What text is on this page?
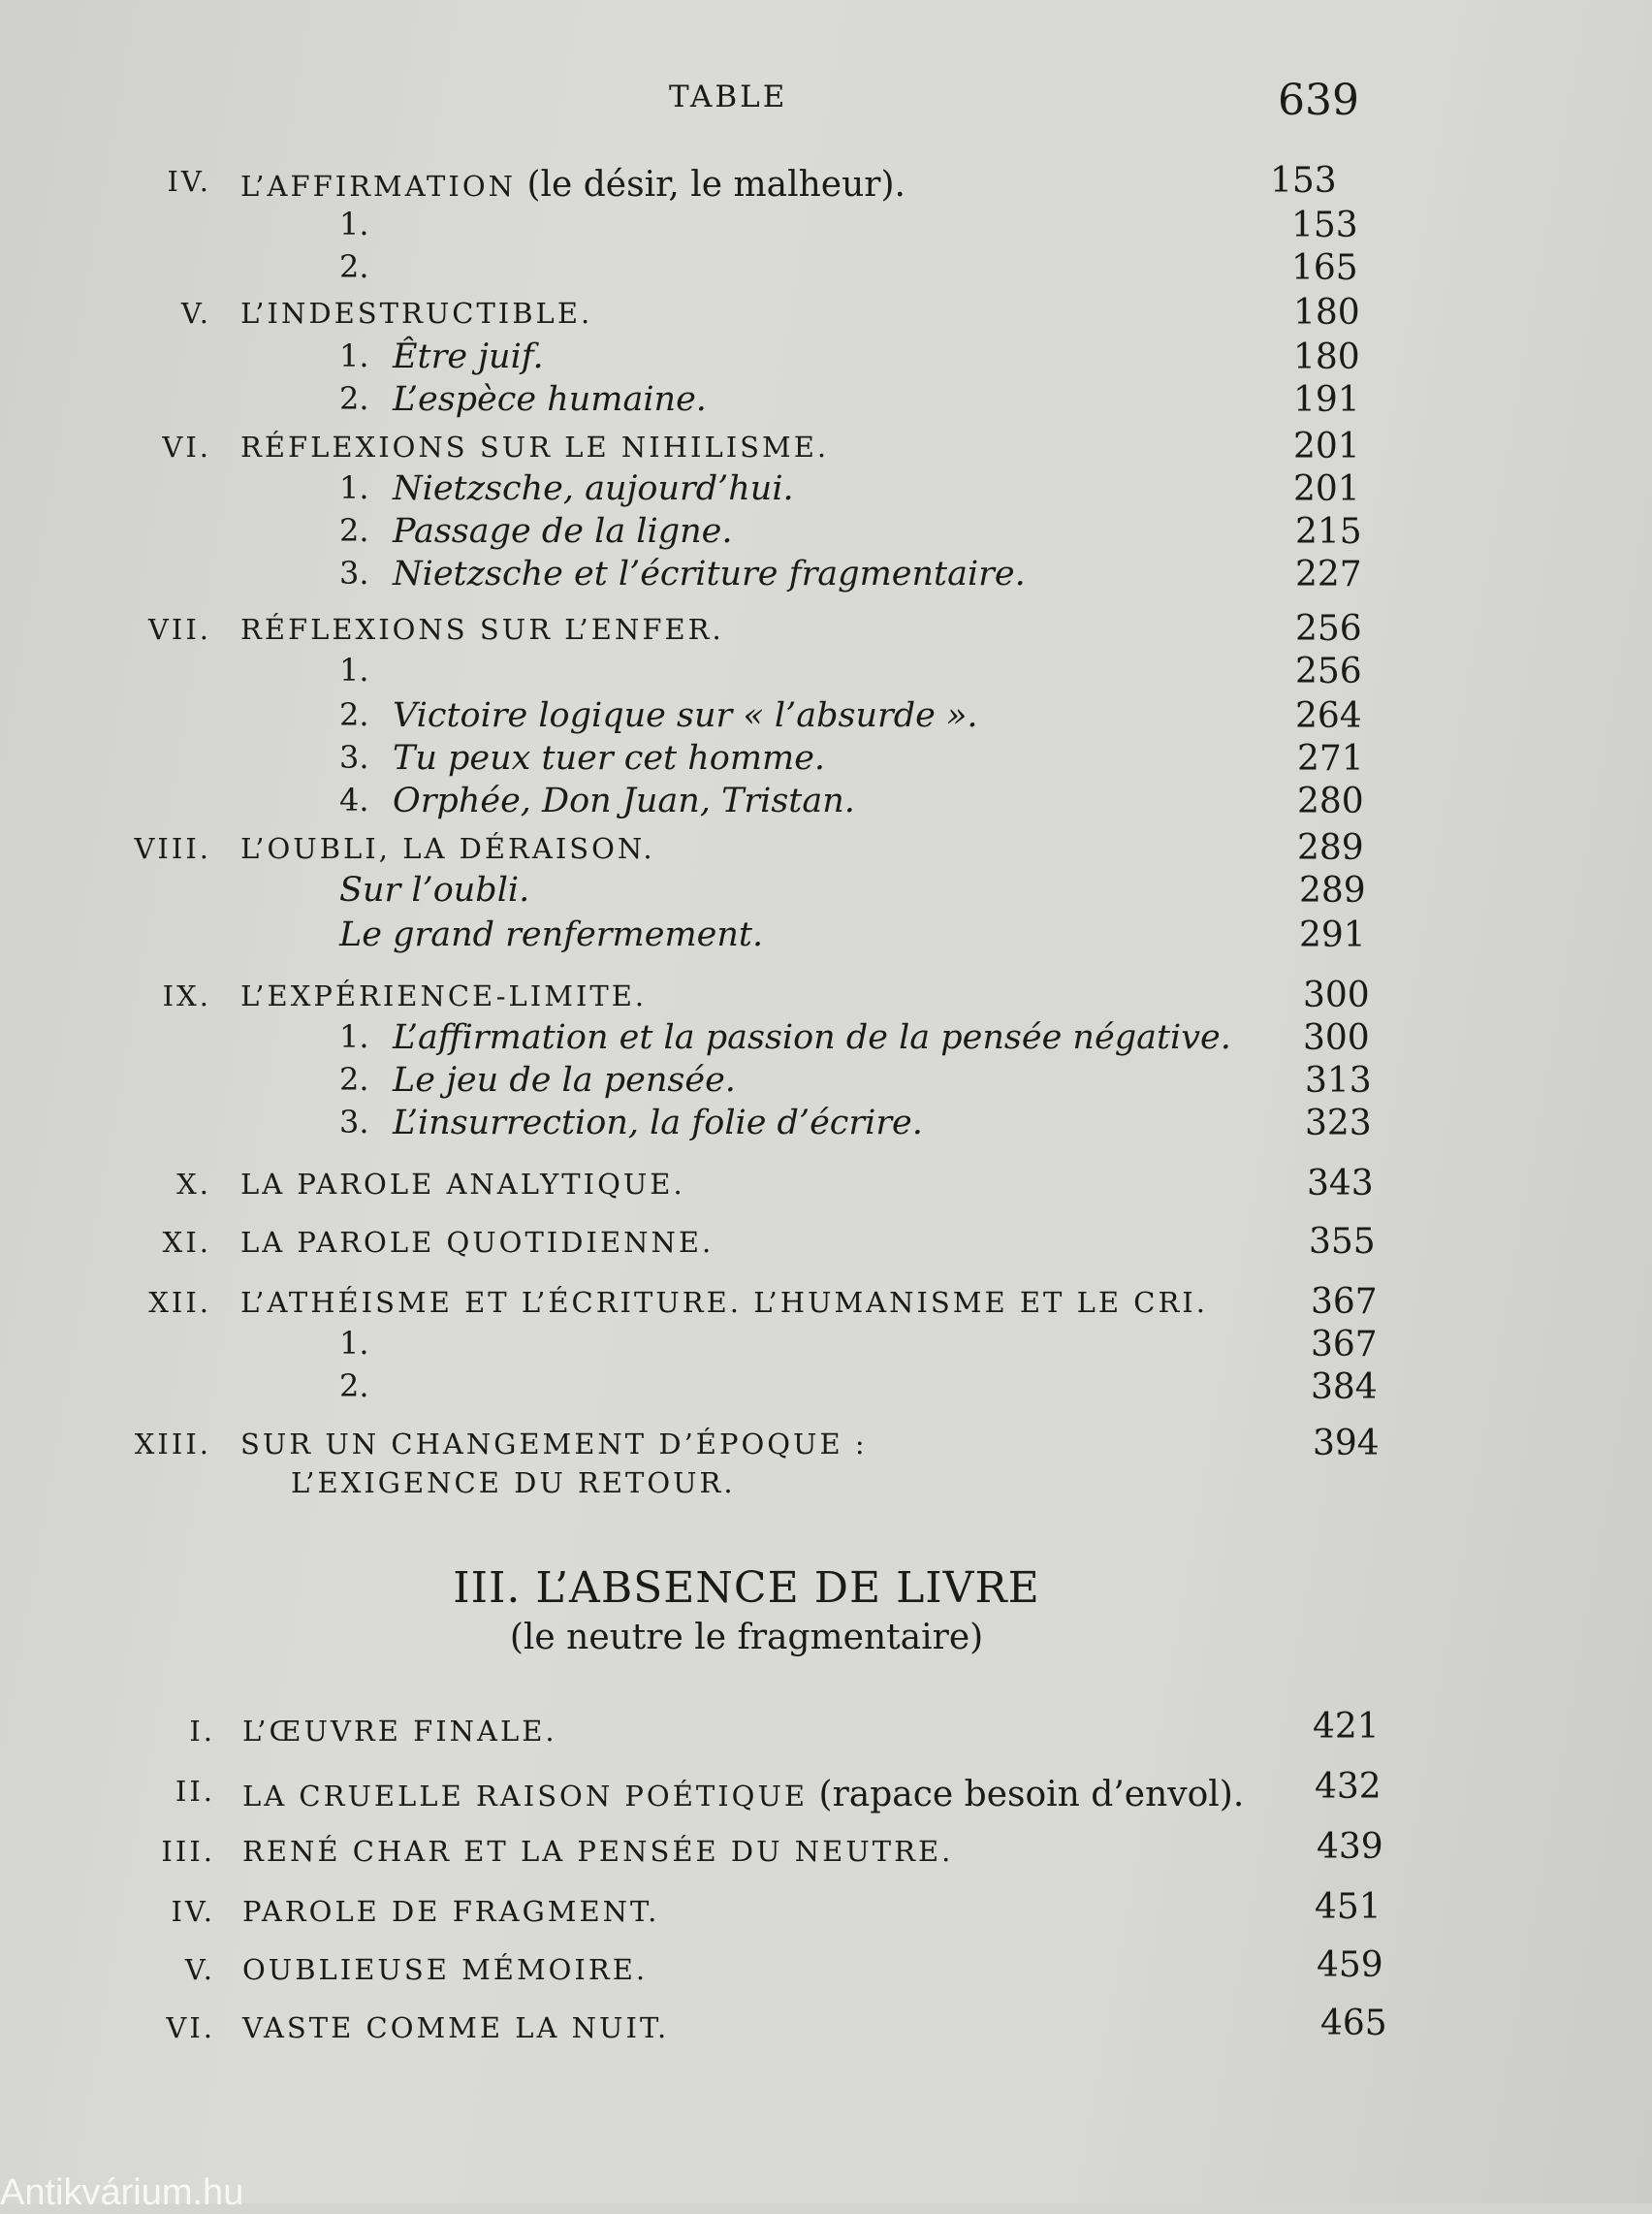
TABLE	639
IV. L’AFFIRMATION (le désir, le malheur).	153
1.	153
2.	165
V. L’INDESTRUCTIBLE.	180
1. Être juif.	180
2. L’espèce humaine.	191
VI. RÉFLEXIONS SUR LE NIHILISME.	201
1. Nietzsche, aujourd’hui.	201
2. Passage de la ligne.	215
3. Nietzsche et l’écriture fragmentaire.	227
VII. RÉFLEXIONS SUR L’ENFER.	256
1.	256
2. Victoire logique sur « l’absurde ».	264
3. Tu peux tuer cet homme.	271
4. Orphée, Don Juan, Tristan.	280
VIII. L’OUBLI, LA DÉRAISON.	289
Sur l’oubli.	289
Le grand renfermement.	291
IX. L’EXPÉRIENCE-LIMITE.	300
1. L’affirmation et la passion de la pensée négative. 300
2. Le jeu de la pensée.	313
3. L’insurrection, la folie d’écrire.	323
X. LA PAROLE ANALYTIQUE.	343
XI. LA PAROLE QUOTIDIENNE.	355
XII. L’ATHÉISME ET L’ÉCRITURE. L’HUMANISME ET LE CRI.	367
1.	367
2.	384
XIII. SUR UN CHANGEMENT D’ÉPOQUE :	394
L’EXIGENCE DU RETOUR.
III. L’ABSENCE DE LIVRE
(le neutre le fragmentaire)
I. L’ŒUVRE FINALE.	421
II. LA CRUELLE RAISON POÉTIQUE (rapace besoin d’envol). 432
III. RENÉ CHAR ET LA PENSÉE DU NEUTRE.	439
IV. PAROLE DE FRAGMENT.	451
V. OUBLIEUSE MÉMOIRE.	459
VI. VASTE COMME LA NUIT.	465
Antikvárium.hu
